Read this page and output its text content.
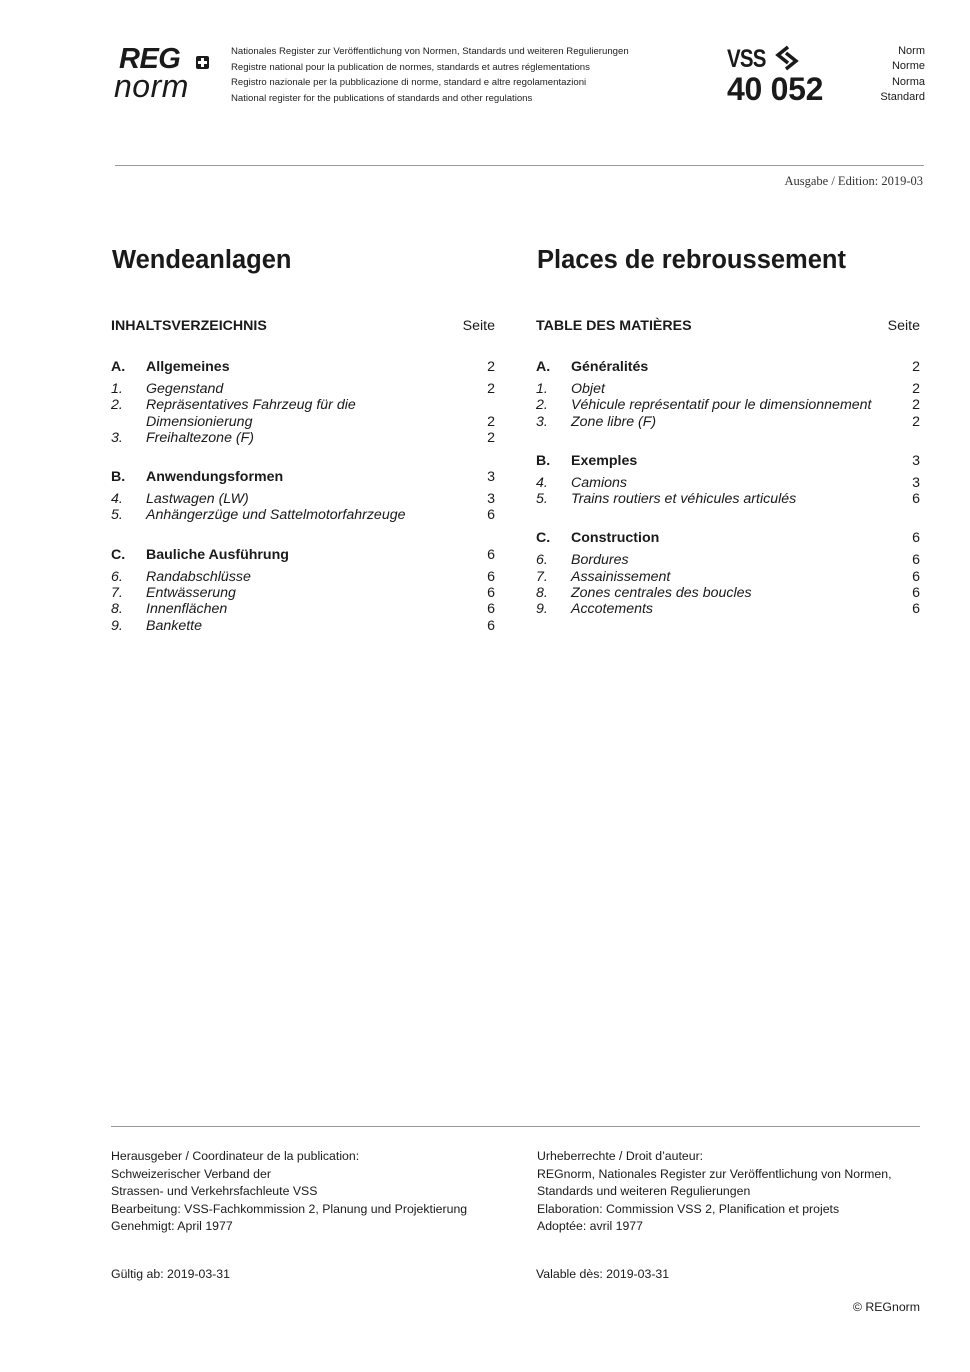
REG
norm
Nationales Register zur Veröffentlichung von Normen, Standards und weiteren Regulierungen
Registre national pour la publication de normes, standards et autres réglementations
Registro nazionale per la pubblicazione di norme, standard e altre regolamentazioni
National register for the publications of standards and other regulations
VSS
40 052
Norm
Norme
Norma
Standard
Ausgabe / Edition: 2019-03
Wendeanlagen	Places de rebroussement
INHALTSVERZEICHNIS	Seite
A. Allgemeines	2
1. Gegenstand	2
2. Repräsentatives Fahrzeug für die Dimensionierung	2
3. Freihaltezone (F)	2
B. Anwendungsformen	3
4. Lastwagen (LW)	3
5. Anhängerzüge und Sattelmotorfahrzeuge	6
C. Bauliche Ausführung	6
6. Randabschlüsse	6
7. Entwässerung	6
8. Innenflächen	6
9. Bankette	6
TABLE DES MATIÈRES	Seite
A. Généralités	2
1. Objet	2
2. Véhicule représentatif pour le dimensionnement	2
3. Zone libre (F)	2
B. Exemples	3
4. Camions	3
5. Trains routiers et véhicules articulés	6
C. Construction	6
6. Bordures	6
7. Assainissement	6
8. Zones centrales des boucles	6
9. Accotements	6
Herausgeber / Coordinateur de la publication:
Schweizerischer Verband der
Strassen- und Verkehrsfachleute VSS
Bearbeitung: VSS-Fachkommission 2, Planung und Projektierung
Genehmigt: April 1977
Urheberrechte / Droit d’auteur:
REGnorm, Nationales Register zur Veröffentlichung von Normen,
Standards und weiteren Regulierungen
Elaboration: Commission VSS 2, Planification et projets
Adoptée: avril 1977
Gültig ab: 2019-03-31	Valable dès: 2019-03-31
© REGnorm
